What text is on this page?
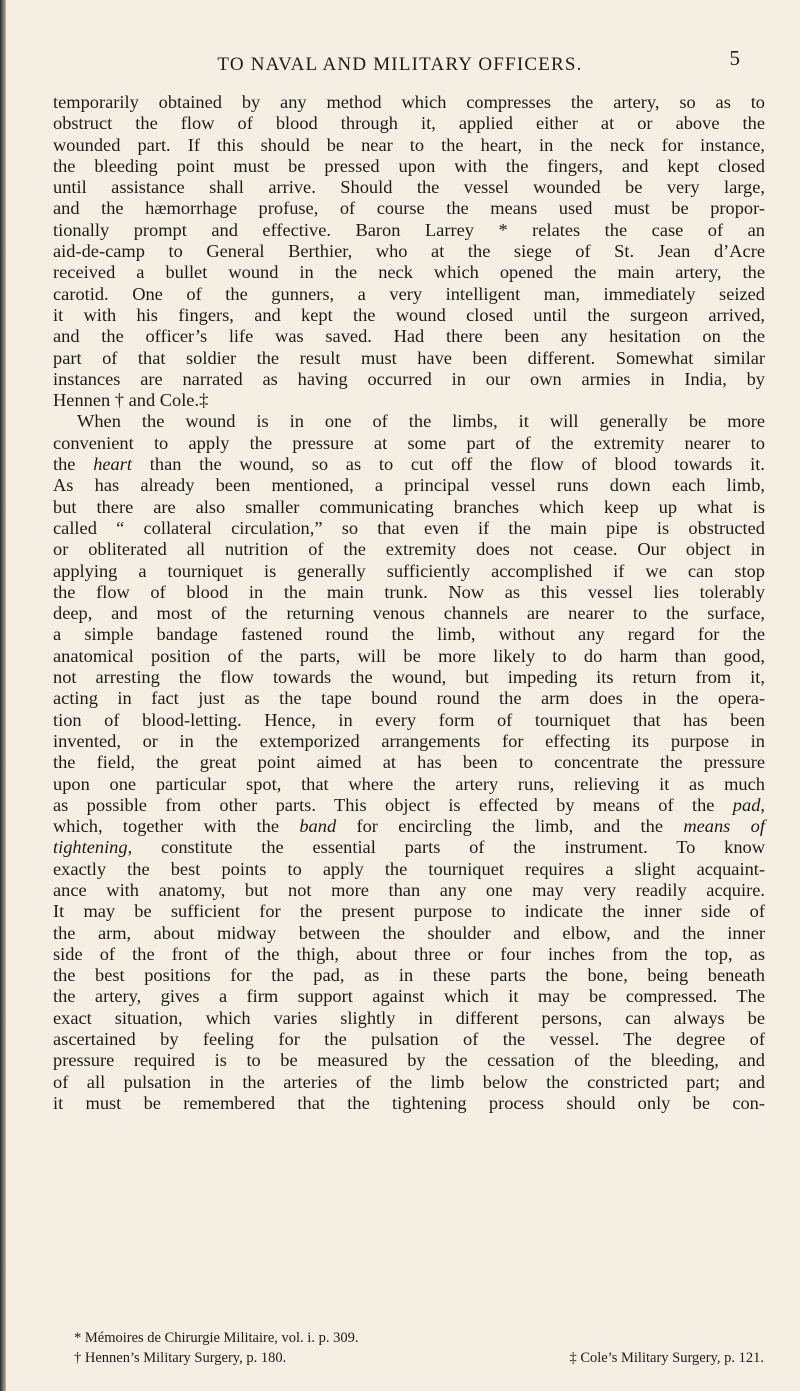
TO NAVAL AND MILITARY OFFICERS.	5

temporarily obtained by any method which compresses the artery, so as to

obstruct the flow of blood through it, applied either at or above the

wounded part. If this should be near to the heart, in the neck for instance,

the bleeding point must be pressed upon with the fingers, and kept closed

until assistance shall arrive. Should the vessel wounded be very large,

and the hæmorrhage profuse, of course the means used must be propor-

tionally prompt and effective. Baron Larrey * relates the case of an

aid-de-camp to General Berthier, who at the siege of St. Jean d’Acre

received a bullet wound in the neck which opened the main artery, the

carotid. One of the gunners, a very intelligent man, immediately seized

it with his fingers, and kept the wound closed until the surgeon arrived,

and the officer’s life was saved. Had there been any hesitation on the

part of that soldier the result must have been different. Somewhat similar

instances are narrated as having occurred in our own armies in India, by

Hennen † and Cole.‡

When the wound is in one of the limbs, it will generally be more

convenient to apply the pressure at some part of the extremity nearer to

the heart than the wound, so as to cut off the flow of blood towards it.

As has already been mentioned, a principal vessel runs down each limb,

but there are also smaller communicating branches which keep up what is

called “ collateral circulation,” so that even if the main pipe is obstructed

or obliterated all nutrition of the extremity does not cease. Our object in

applying a tourniquet is generally sufficiently accomplished if we can stop

the flow of blood in the main trunk. Now as this vessel lies tolerably

deep, and most of the returning venous channels are nearer to the surface,

a simple bandage fastened round the limb, without any regard for the

anatomical position of the parts, will be more likely to do harm than good,

not arresting the flow towards the wound, but impeding its return from it,

acting in fact just as the tape bound round the arm does in the opera-

tion of blood-letting. Hence, in every form of tourniquet that has been

invented, or in the extemporized arrangements for effecting its purpose in

the field, the great point aimed at has been to concentrate the pressure

upon one particular spot, that where the artery runs, relieving it as much

as possible from other parts. This object is effected by means of the pad,

which, together with the band for encircling the limb, and the means of

tightening, constitute the essential parts of the instrument. To know

exactly the best points to apply the tourniquet requires a slight acquaint-

ance with anatomy, but not more than any one may very readily acquire.

It may be sufficient for the present purpose to indicate the inner side of

the arm, about midway between the shoulder and elbow, and the inner

side of the front of the thigh, about three or four inches from the top, as

the best positions for the pad, as in these parts the bone, being beneath

the artery, gives a firm support against which it may be compressed. The

exact situation, which varies slightly in different persons, can always be

ascertained by feeling for the pulsation of the vessel. The degree of

pressure required is to be measured by the cessation of the bleeding, and

of all pulsation in the arteries of the limb below the constricted part; and

it must be remembered that the tightening process should only be con-

* Mémoires de Chirurgie Militaire, vol. i. p. 309.
† Hennen’s Military Surgery, p. 180.	‡ Cole’s Military Surgery, p. 121.
